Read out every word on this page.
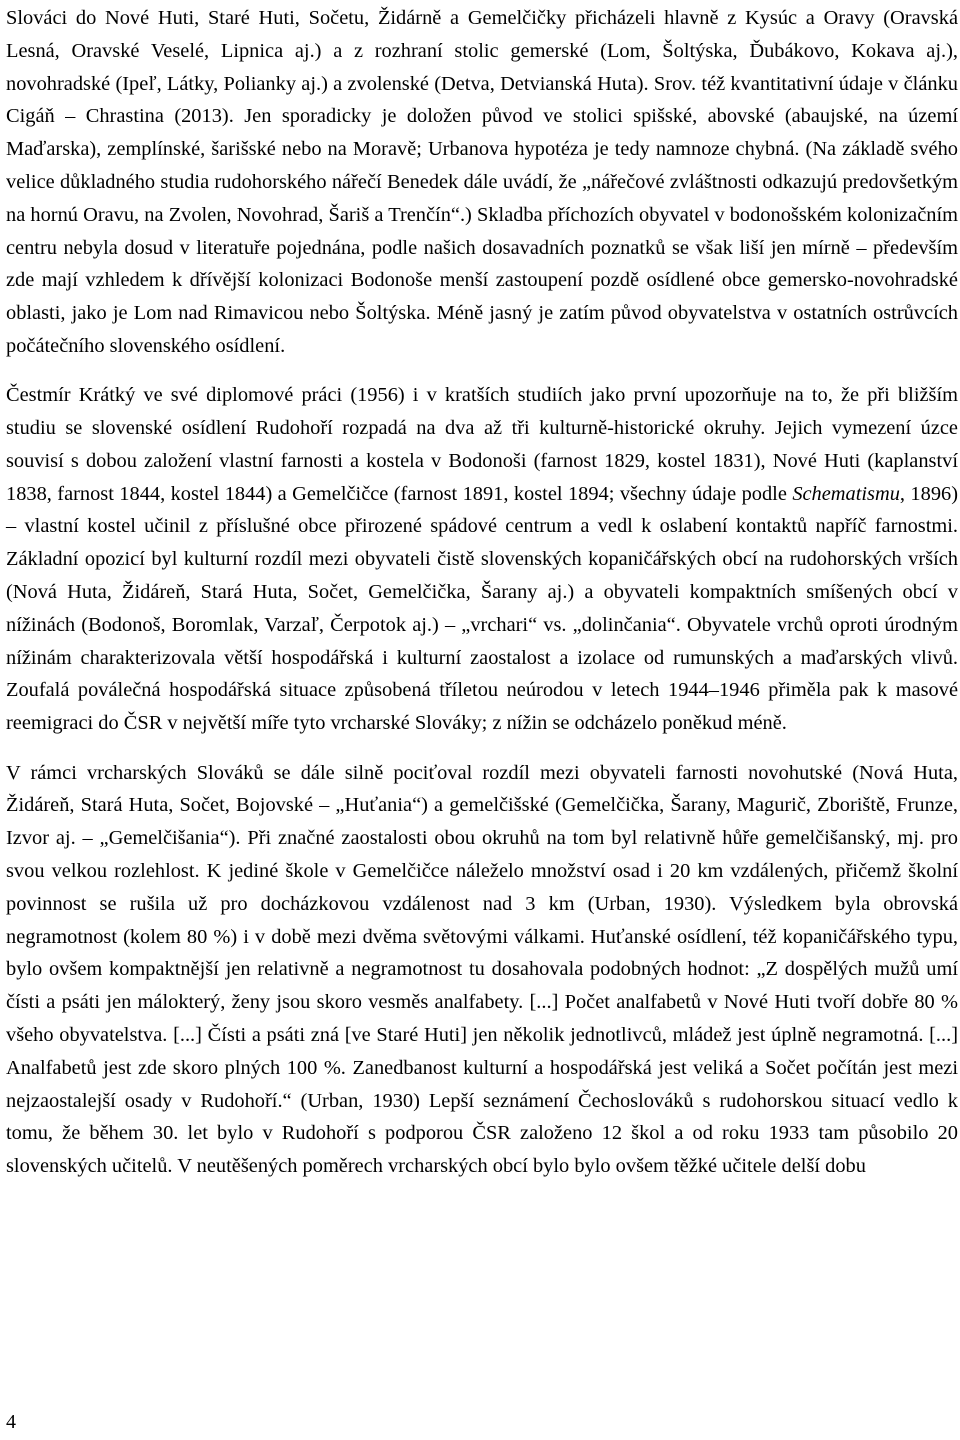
Slováci do Nové Huti, Staré Huti, Sočetu, Židárně a Gemelčičky přicházeli hlavně z Kysúc a Oravy (Oravská Lesná, Oravské Veselé, Lipnica aj.) a z rozhraní stolic gemerské (Lom, Šoltýska, Ďubákovo, Kokava aj.), novohradské (Ipeľ, Látky, Polianky aj.) a zvolenské (Detva, Detvianská Huta). Srov. též kvantitativní údaje v článku Cigáň – Chrastina (2013). Jen sporadicky je doložen původ ve stolici spišské, abovské (abaujské, na území Maďarska), zemplínské, šarišské nebo na Moravě; Urbanova hypotéza je tedy namnoze chybná. (Na základě svého velice důkladného studia rudohorského nářečí Benedek dále uvádí, že „nářečové zvláštnosti odkazujú predovšetkým na hornú Oravu, na Zvolen, Novohrad, Šariš a Trenčín“.) Skladba příchozích obyvatel v bodonošském kolonizačním centru nebyla dosud v literatuře pojednána, podle našich dosavadních poznatků se však liší jen mírně – především zde mají vzhledem k dřívější kolonizaci Bodonoše menší zastoupení pozdě osídlené obce gemersko-novohradské oblasti, jako je Lom nad Rimavicou nebo Šoltýska. Méně jasný je zatím původ obyvatelstva v ostatních ostrůvcích počátečního slovenského osídlení.

Čestmír Krátký ve své diplomové práci (1956) i v kratších studiích jako první upozorňuje na to, že při bližším studiu se slovenské osídlení Rudohoří rozpadá na dva až tři kulturně-historické okruhy. Jejich vymezení úzce souvisí s dobou založení vlastní farnosti a kostela v Bodonoši (farnost 1829, kostel 1831), Nové Huti (kaplanství 1838, farnost 1844, kostel 1844) a Gemelčičce (farnost 1891, kostel 1894; všechny údaje podle Schematismu, 1896) – vlastní kostel učinil z příslušné obce přirozené spádové centrum a vedl k oslabení kontaktů napříč farnostmi. Základní opozicí byl kulturní rozdíl mezi obyvateli čistě slovenských kopaničářských obcí na rudohorských vrších (Nová Huta, Židáreň, Stará Huta, Sočet, Gemelčička, Šarany aj.) a obyvateli kompaktních smíšených obcí v nížinách (Bodonoš, Boromlak, Varzaľ, Čerpotok aj.) – „vrchari“ vs. „dolinčania“. Obyvatele vrchů oproti úrodným nížinám charakterizovala větší hospodářská i kulturní zaostalost a izolace od rumunských a maďarských vlivů. Zoufalá poválečná hospodářská situace způsobená tříletou neúrodou v letech 1944–1946 přiměla pak k masové reemigraci do ČSR v největší míře tyto vrcharské Slováky; z nížin se odcházelo poněkud méně.

V rámci vrcharských Slováků se dále silně pociťoval rozdíl mezi obyvateli farnosti novohutské (Nová Huta, Židáreň, Stará Huta, Sočet, Bojovské – „Huťania“) a gemelčišské (Gemelčička, Šarany, Magurič, Zboriště, Frunze, Izvor aj. – „Gemelčišania“). Při značné zaostalosti obou okruhů na tom byl relativně hůře gemelčišanský, mj. pro svou velkou rozlehlost. K jediné škole v Gemelčičce náleželo množství osad i 20 km vzdálených, přičemž školní povinnost se rušila už pro docházkovou vzdálenost nad 3 km (Urban, 1930). Výsledkem byla obrovská negramotnost (kolem 80 %) i v době mezi dvěma světovými válkami. Huťanské osídlení, též kopaničářského typu, bylo ovšem kompaktnější jen relativně a negramotnost tu dosahovala podobných hodnot: „Z dospělých mužů umí čísti a psáti jen málokterý, ženy jsou skoro vesměs analfabety. [...] Počet analfabetů v Nové Huti tvoří dobře 80 % všeho obyvatelstva. [...] Čísti a psáti zná [ve Staré Huti] jen několik jednotlivců, mládež jest úplně negramotná. [...] Analfabetů jest zde skoro plných 100 %. Zanedbanost kulturní a hospodářská jest veliká a Sočet počítán jest mezi nejzaostalejší osady v Rudohoří.“ (Urban, 1930) Lepší seznámení Čechoslováků s rudohorskou situací vedlo k tomu, že během 30. let bylo v Rudohoří s podporou ČSR založeno 12 škol a od roku 1933 tam působilo 20 slovenských učitelů. V neutěšených poměrech vrcharských obcí bylo bylo ovšem těžké učitele delší dobu

4
